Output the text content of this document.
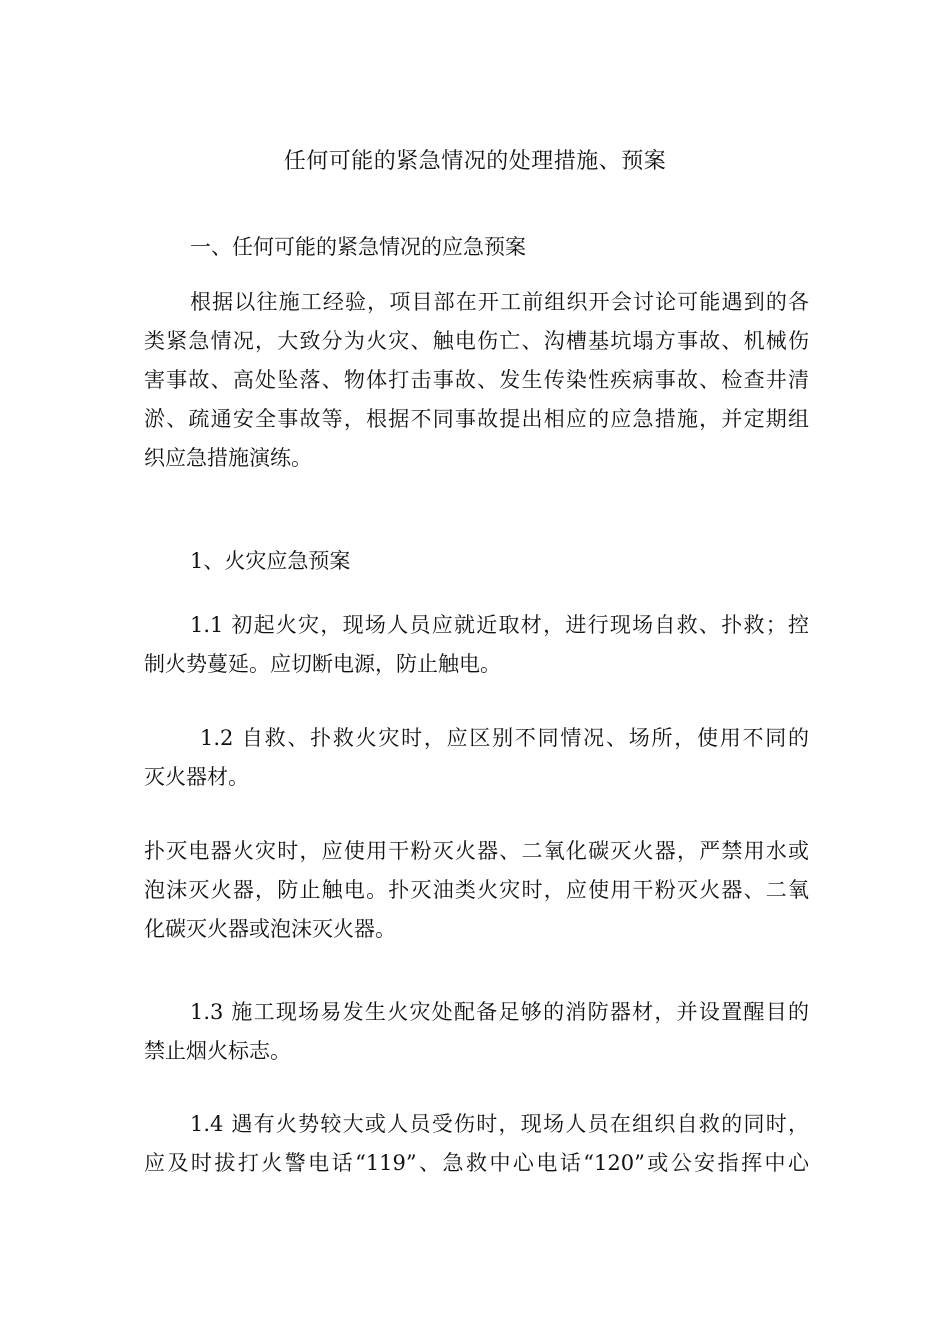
任何可能的紧急情况的处理措施、预案
一、任何可能的紧急情况的应急预案
根据以往施工经验，项目部在开工前组织开会讨论可能遇到的各
类紧急情况，大致分为火灾、触电伤亡、沟槽基坑塌方事故、机械伤
害事故、高处坠落、物体打击事故、发生传染性疾病事故、检查井清
淤、疏通安全事故等，根据不同事故提出相应的应急措施，并定期组
织应急措施演练。
1、火灾应急预案
1.1 初起火灾，现场人员应就近取材，进行现场自救、扑救；控
制火势蔓延。应切断电源，防止触电。
1.2 自救、扑救火灾时，应区别不同情况、场所，使用不同的
灭火器材。
扑灭电器火灾时，应使用干粉灭火器、二氧化碳灭火器，严禁用水或
泡沫灭火器，防止触电。扑灭油类火灾时，应使用干粉灭火器、二氧
化碳灭火器或泡沫灭火器。
1.3 施工现场易发生火灾处配备足够的消防器材，并设置醒目的
禁止烟火标志。
1.4 遇有火势较大或人员受伤时，现场人员在组织自救的同时，
应及时拔打火警电话“119”、急救中心电话“120”或公安指挥中心
